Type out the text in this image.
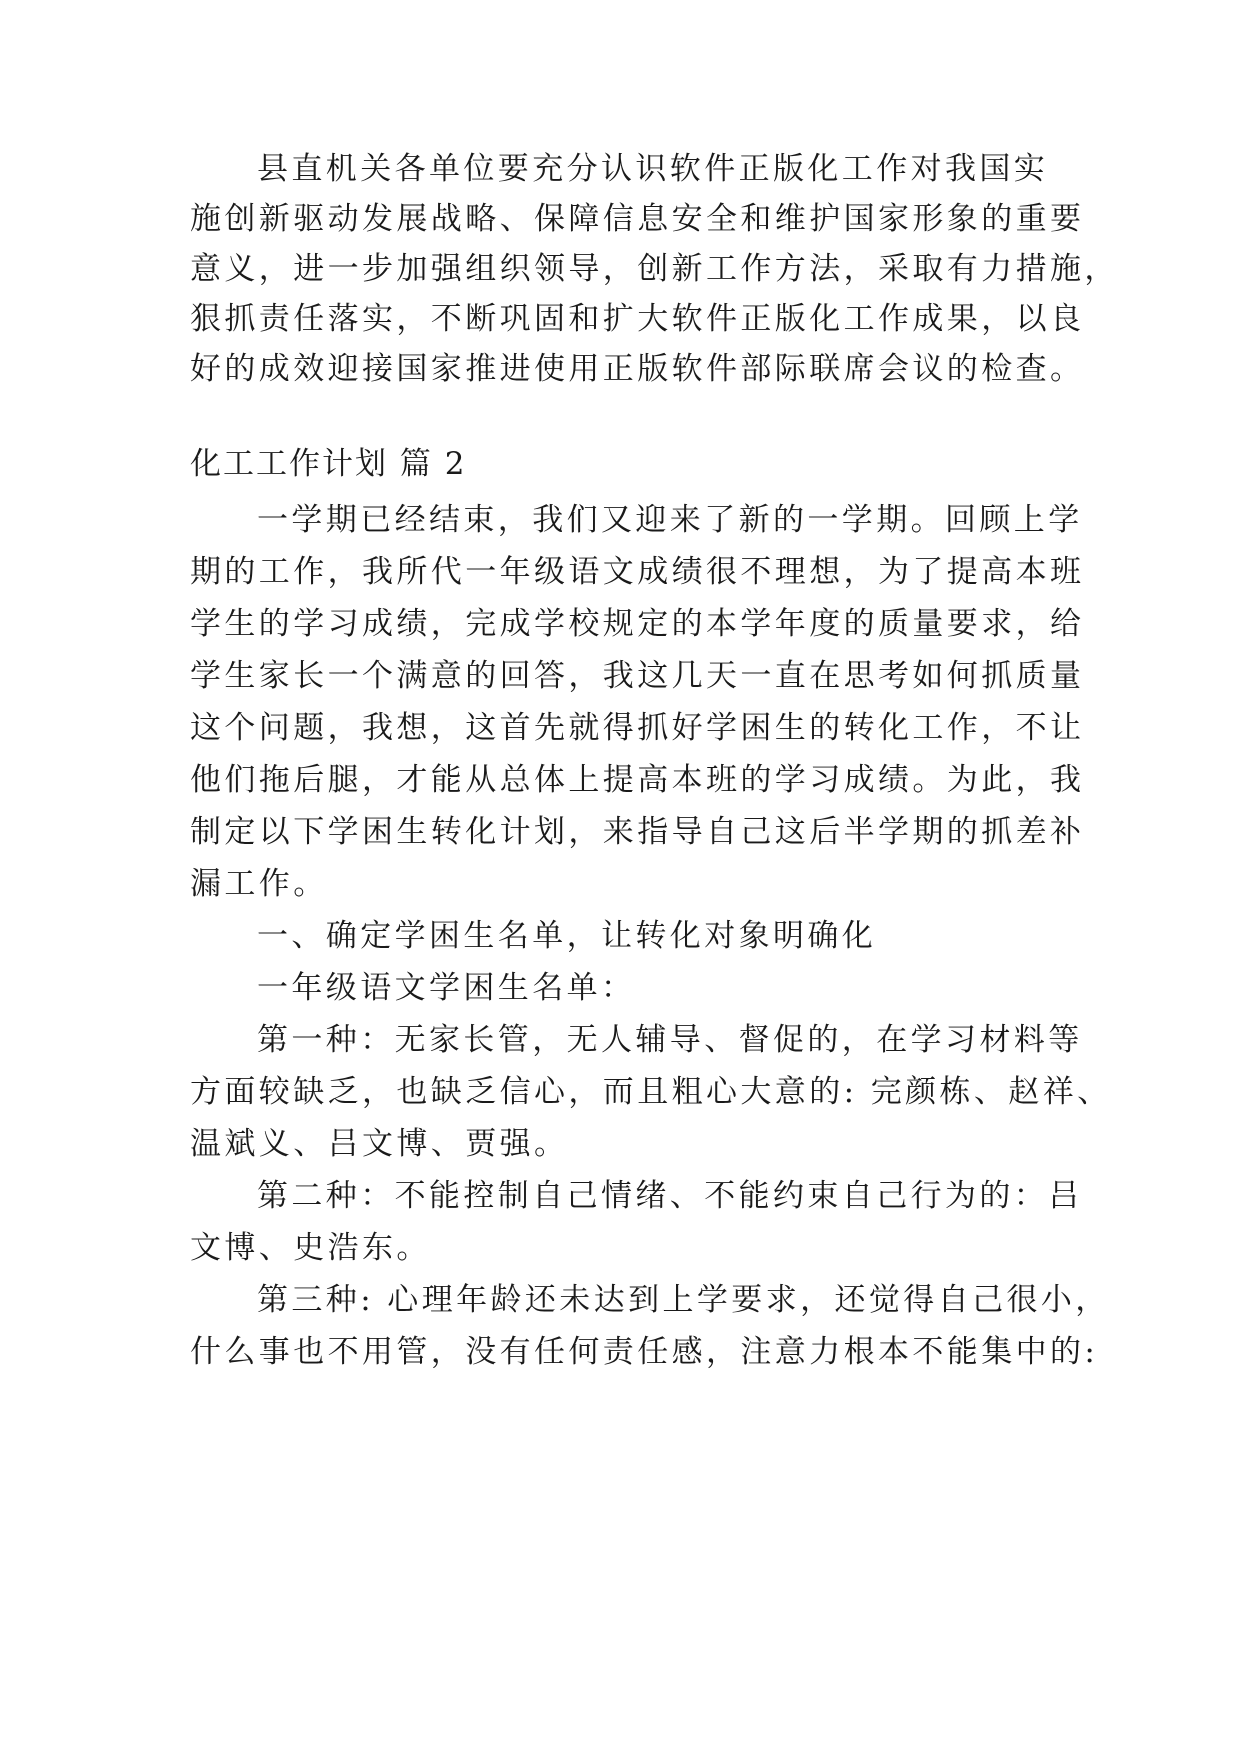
县直机关各单位要充分认识软件正版化工作对我国实
施创新驱动发展战略、保障信息安全和维护国家形象的重要
意义，进一步加强组织领导，创新工作方法，采取有力措施，
狠抓责任落实，不断巩固和扩大软件正版化工作成果，以良
好的成效迎接国家推进使用正版软件部际联席会议的检查。
化工工作计划 篇 2
一学期已经结束，我们又迎来了新的一学期。回顾上学
期的工作，我所代一年级语文成绩很不理想，为了提高本班
学生的学习成绩，完成学校规定的本学年度的质量要求，给
学生家长一个满意的回答，我这几天一直在思考如何抓质量
这个问题，我想，这首先就得抓好学困生的转化工作，不让
他们拖后腿，才能从总体上提高本班的学习成绩。为此，我
制定以下学困生转化计划，来指导自己这后半学期的抓差补
漏工作。
一、确定学困生名单，让转化对象明确化
一年级语文学困生名单：
第一种：无家长管，无人辅导、督促的，在学习材料等
方面较缺乏，也缺乏信心，而且粗心大意的: 完颜栋、赵祥、
温斌义、吕文博、贾强。
第二种：不能控制自己情绪、不能约束自己行为的：吕
文博、史浩东。
第三种: 心理年龄还未达到上学要求，还觉得自己很小，
什么事也不用管，没有任何责任感，注意力根本不能集中的:
